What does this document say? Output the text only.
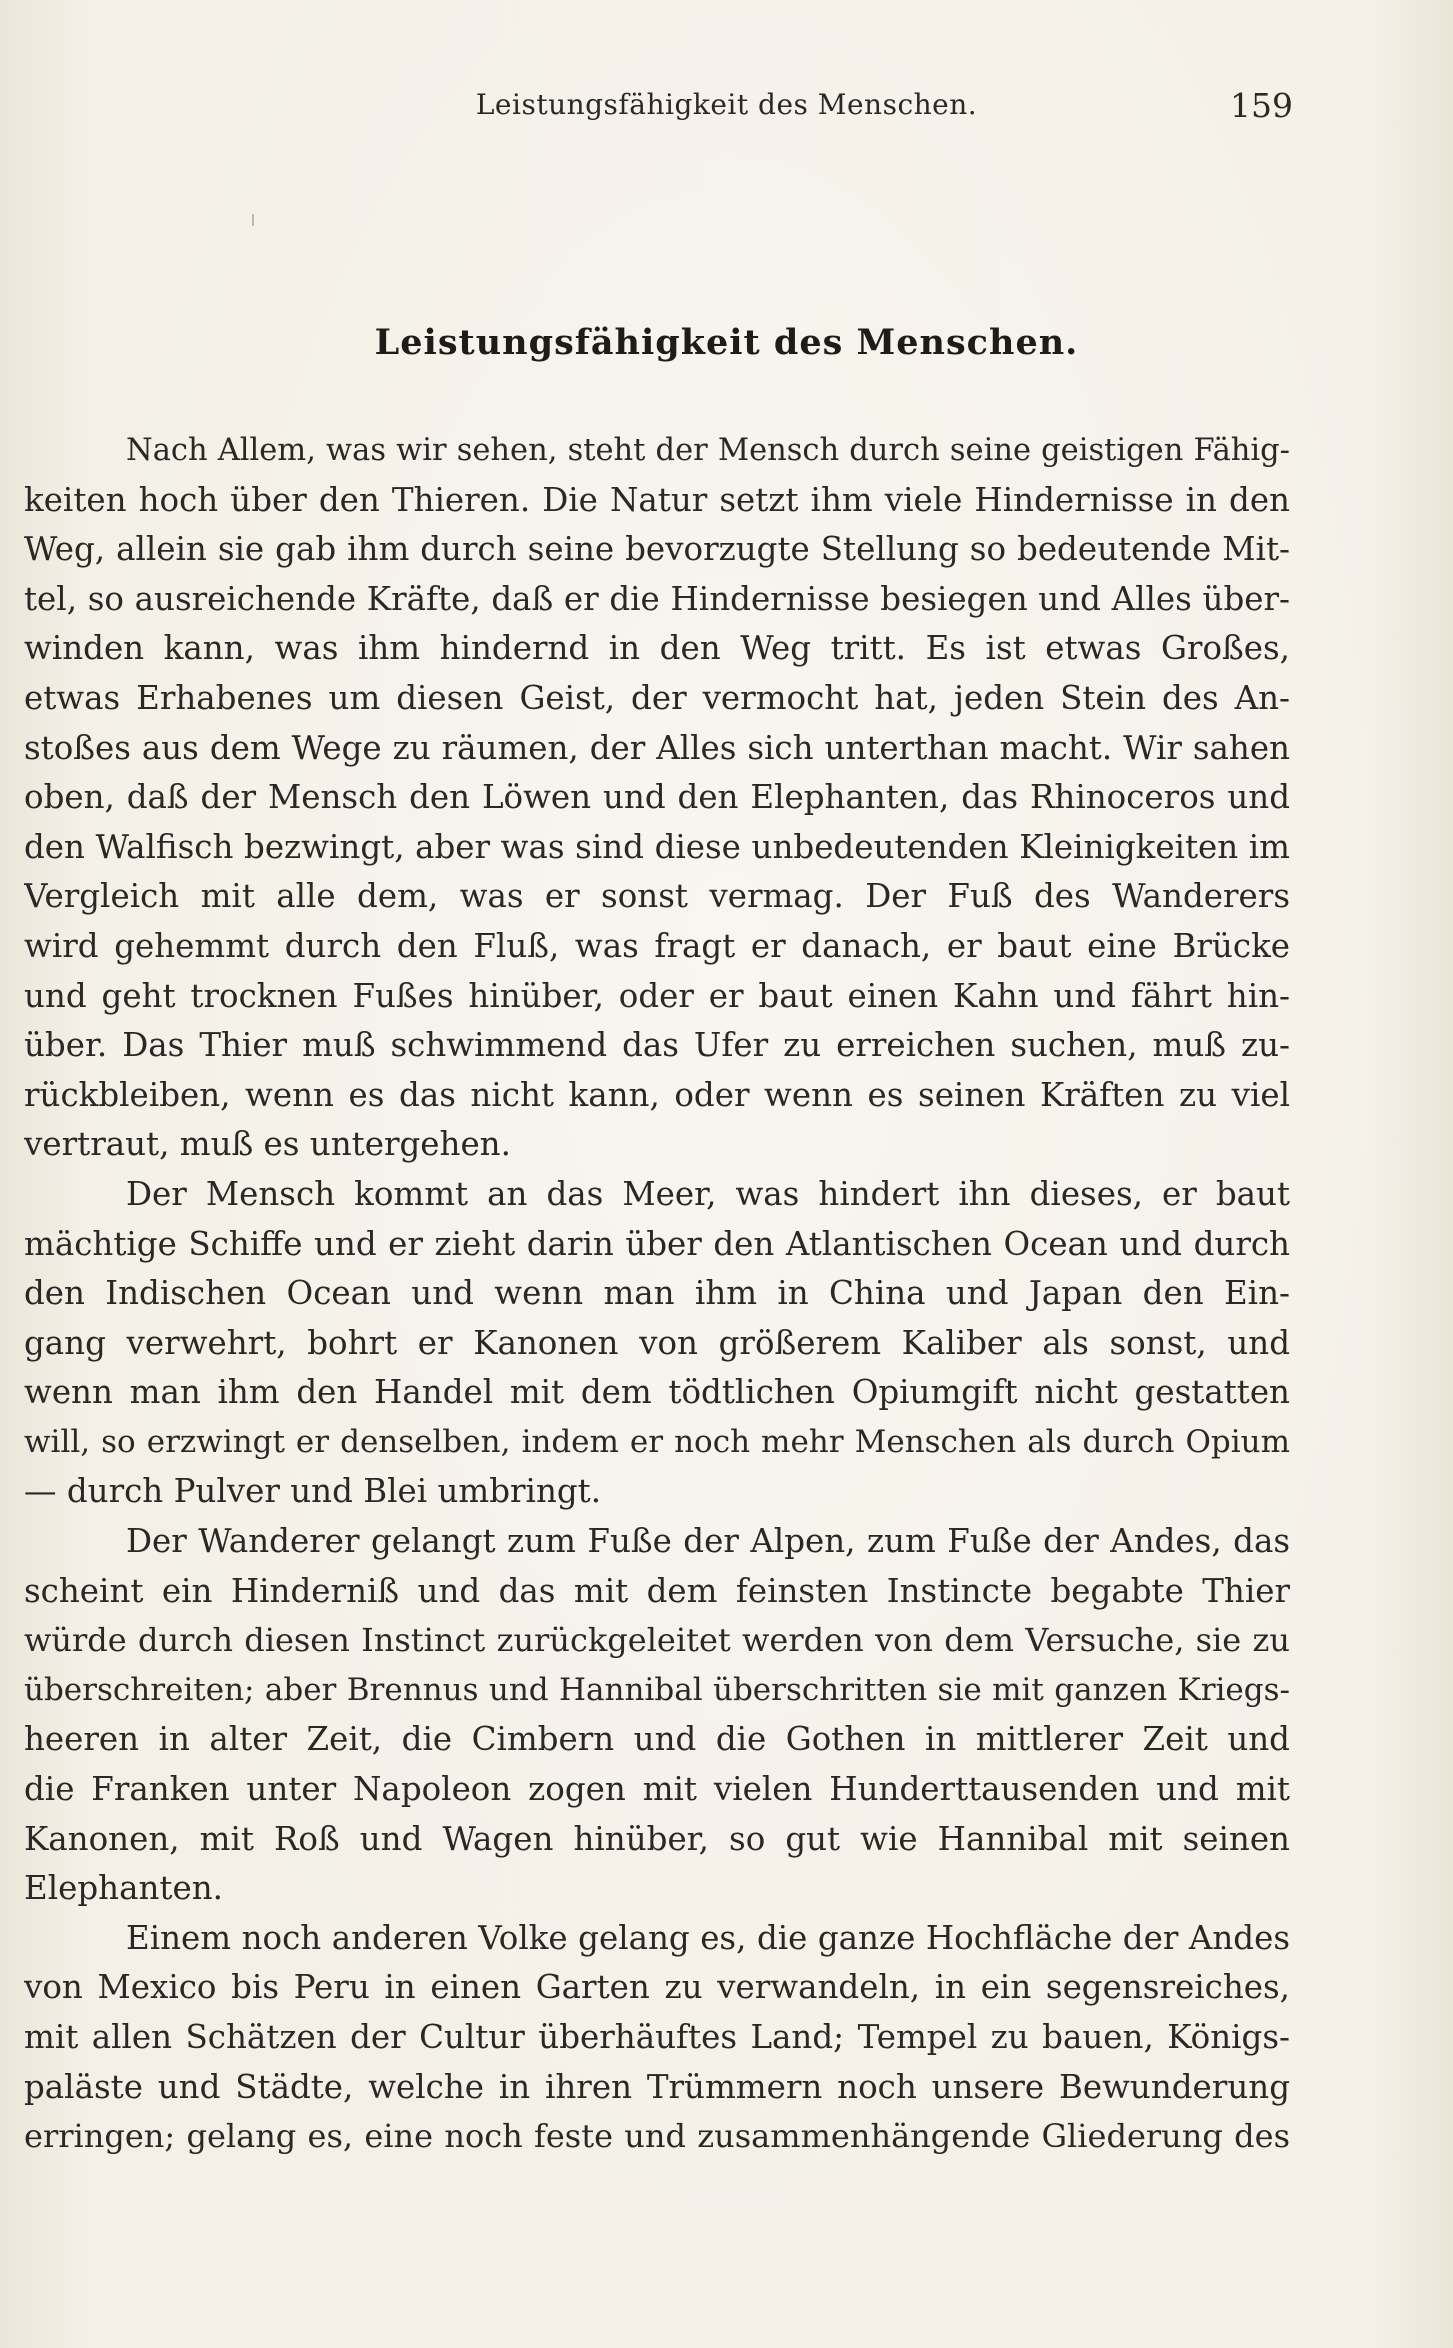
Leistungsfähigkeit des Menschen.	159
Leistungsfähigkeit des Menschen.
Nach Allem, was wir sehen, steht der Mensch durch seine geistigen Fähig-
keiten hoch über den Thieren. Die Natur setzt ihm viele Hindernisse in den
Weg, allein sie gab ihm durch seine bevorzugte Stellung so bedeutende Mit-
tel, so ausreichende Kräfte, daß er die Hindernisse besiegen und Alles über-
winden kann, was ihm hindernd in den Weg tritt. Es ist etwas Großes,
etwas Erhabenes um diesen Geist, der vermocht hat, jeden Stein des An-
stoßes aus dem Wege zu räumen, der Alles sich unterthan macht. Wir sahen
oben, daß der Mensch den Löwen und den Elephanten, das Rhinoceros und
den Walfisch bezwingt, aber was sind diese unbedeutenden Kleinigkeiten im
Vergleich mit alle dem, was er sonst vermag. Der Fuß des Wanderers
wird gehemmt durch den Fluß, was fragt er danach, er baut eine Brücke
und geht trocknen Fußes hinüber, oder er baut einen Kahn und fährt hin-
über. Das Thier muß schwimmend das Ufer zu erreichen suchen, muß zu-
rückbleiben, wenn es das nicht kann, oder wenn es seinen Kräften zu viel
vertraut, muß es untergehen.
Der Mensch kommt an das Meer, was hindert ihn dieses, er baut
mächtige Schiffe und er zieht darin über den Atlantischen Ocean und durch
den Indischen Ocean und wenn man ihm in China und Japan den Ein-
gang verwehrt, bohrt er Kanonen von größerem Kaliber als sonst, und
wenn man ihm den Handel mit dem tödtlichen Opiumgift nicht gestatten
will, so erzwingt er denselben, indem er noch mehr Menschen als durch Opium
— durch Pulver und Blei umbringt.
Der Wanderer gelangt zum Fuße der Alpen, zum Fuße der Andes, das
scheint ein Hinderniß und das mit dem feinsten Instincte begabte Thier
würde durch diesen Instinct zurückgeleitet werden von dem Versuche, sie zu
überschreiten; aber Brennus und Hannibal überschritten sie mit ganzen Kriegs-
heeren in alter Zeit, die Cimbern und die Gothen in mittlerer Zeit und
die Franken unter Napoleon zogen mit vielen Hunderttausenden und mit
Kanonen, mit Roß und Wagen hinüber, so gut wie Hannibal mit seinen
Elephanten.
Einem noch anderen Volke gelang es, die ganze Hochfläche der Andes
von Mexico bis Peru in einen Garten zu verwandeln, in ein segensreiches,
mit allen Schätzen der Cultur überhäuftes Land; Tempel zu bauen, Königs-
paläste und Städte, welche in ihren Trümmern noch unsere Bewunderung
erringen; gelang es, eine noch feste und zusammenhängende Gliederung des
